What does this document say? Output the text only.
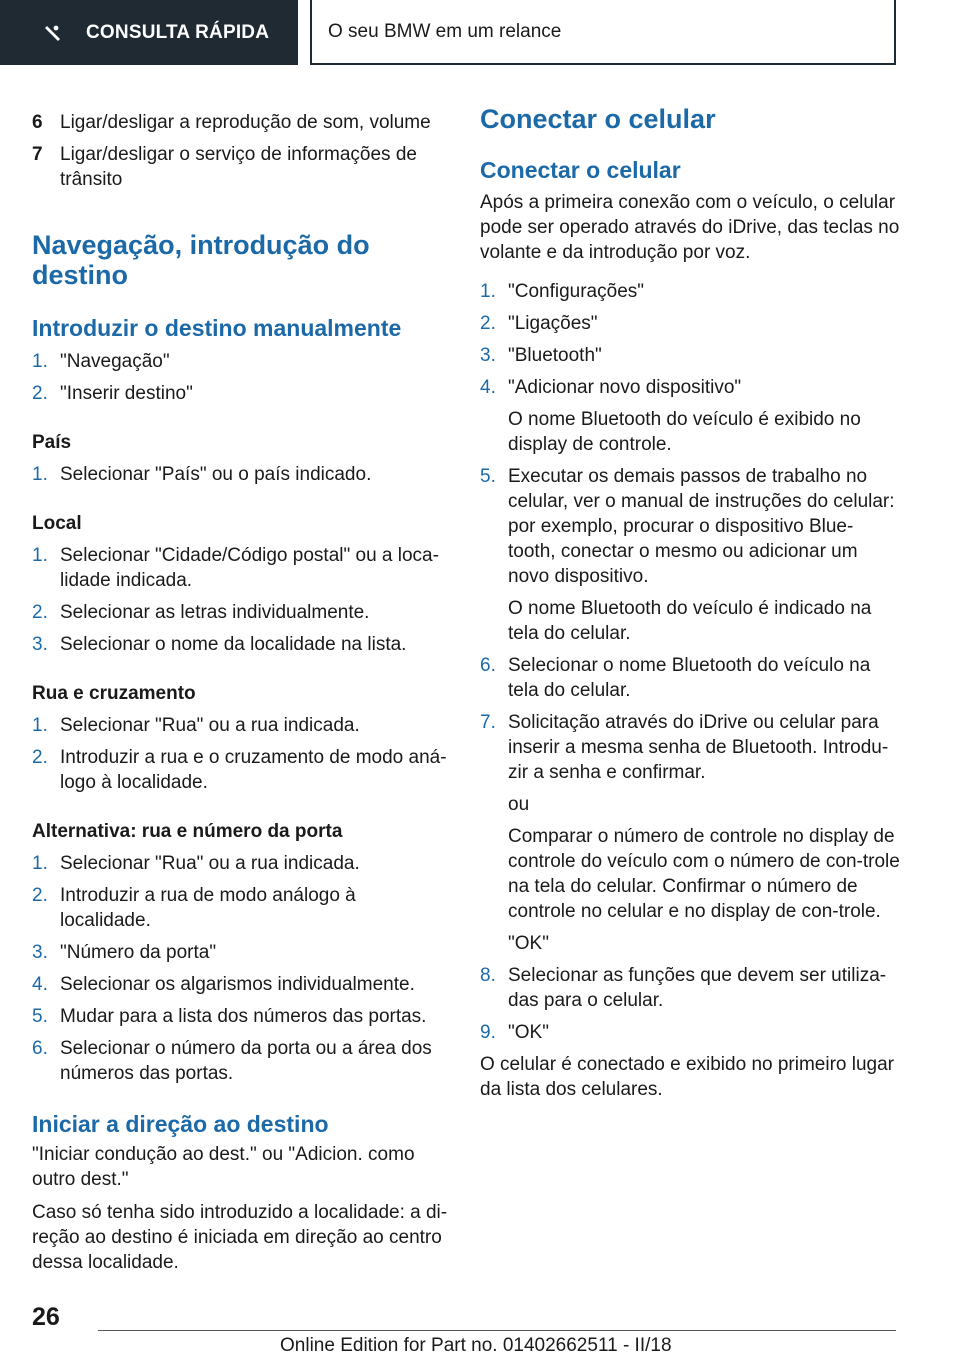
CONSULTA RÁPIDA	O seu BMW em um relance
6 Ligar/desligar a reprodução de som, volume
7 Ligar/desligar o serviço de informações de trânsito
Navegação, introdução do destino
Introduzir o destino manualmente
1. "Navegação"
2. "Inserir destino"
País
1. Selecionar "País" ou o país indicado.
Local
1. Selecionar "Cidade/Código postal" ou a loca-lidade indicada.
2. Selecionar as letras individualmente.
3. Selecionar o nome da localidade na lista.
Rua e cruzamento
1. Selecionar "Rua" ou a rua indicada.
2. Introduzir a rua e o cruzamento de modo aná-logo à localidade.
Alternativa: rua e número da porta
1. Selecionar "Rua" ou a rua indicada.
2. Introduzir a rua de modo análogo à localidade.
3. "Número da porta"
4. Selecionar os algarismos individualmente.
5. Mudar para a lista dos números das portas.
6. Selecionar o número da porta ou a área dos números das portas.
Iniciar a direção ao destino

"Iniciar condução ao dest." ou "Adicion. como outro dest."

Caso só tenha sido introduzido a localidade: a di-reção ao destino é iniciada em direção ao centro dessa localidade.

Conectar o celular
Conectar o celular

Após a primeira conexão com o veículo, o celular pode ser operado através do iDrive, das teclas no volante e da introdução por voz.

1. "Configurações"
2. "Ligações"
3. "Bluetooth"
4. "Adicionar novo dispositivo"
O nome Bluetooth do veículo é exibido no display de controle.
5. Executar os demais passos de trabalho no celular, ver o manual de instruções do celular: por exemplo, procurar o dispositivo Blue-tooth, conectar o mesmo ou adicionar um novo dispositivo.
O nome Bluetooth do veículo é indicado na tela do celular.
6. Selecionar o nome Bluetooth do veículo na tela do celular.
7. Solicitação através do iDrive ou celular para inserir a mesma senha de Bluetooth. Introdu-zir a senha e confirmar.
ou
Comparar o número de controle no display de controle do veículo com o número de con-trole na tela do celular. Confirmar o número de controle no celular e no display de con-trole.
"OK"
8. Selecionar as funções que devem ser utiliza-das para o celular.
9. "OK"

O celular é conectado e exibido no primeiro lugar da lista dos celulares.

26
Online Edition for Part no. 01402662511 - II/18
